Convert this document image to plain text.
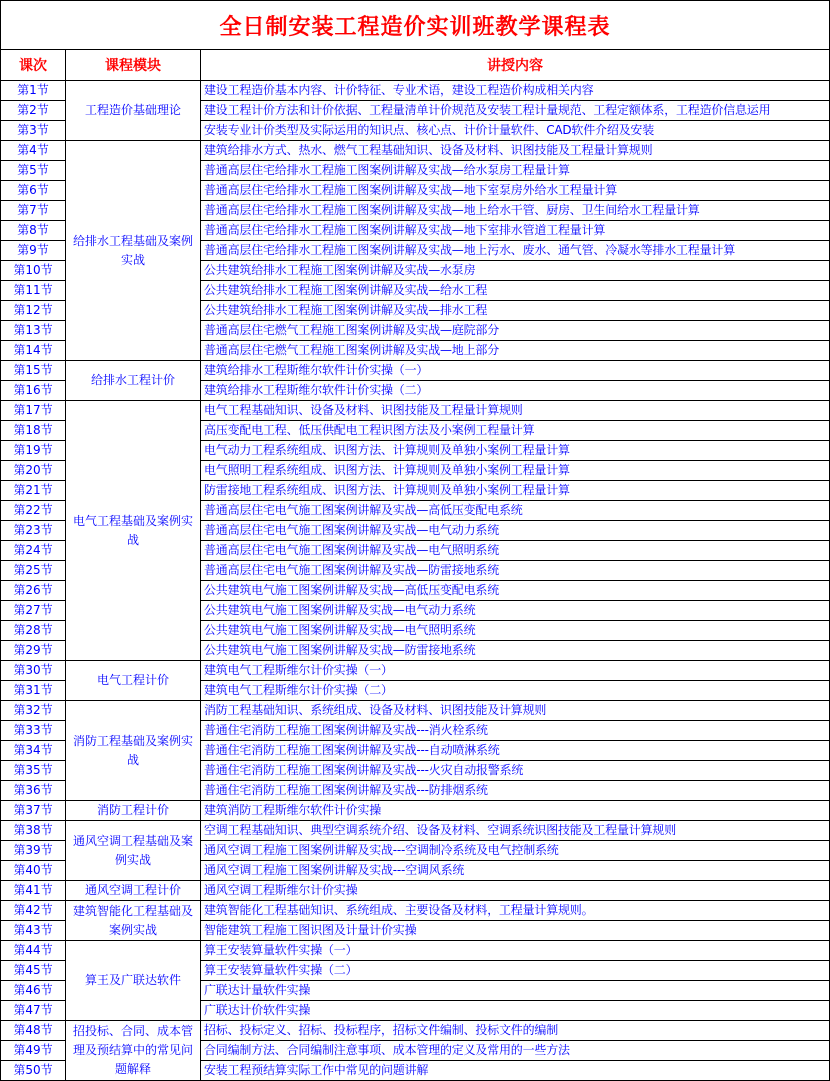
全日制安装工程造价实训班教学课程表		
课次	课程模块	讲授内容
第1节	工程造价基础理论	建设工程造价基本内容、计价特征、专业术语，建设工程造价构成相关内容
第2节		建设工程计价方法和计价依据、工程量清单计价规范及安装工程计量规范、工程定额体系，工程造价信息运用
第3节		安装专业计价类型及实际运用的知识点、核心点、计价计量软件、CAD软件介绍及安装
第4节	给排水工程基础及案例实战	建筑给排水方式、热水、燃气工程基础知识、设备及材料、识图技能及工程量计算规则
第5节		普通高层住宅给排水工程施工图案例讲解及实战—给水泵房工程量计算
第6节		普通高层住宅给排水工程施工图案例讲解及实战—地下室泵房外给水工程量计算
第7节		普通高层住宅给排水工程施工图案例讲解及实战—地上给水干管、厨房、卫生间给水工程量计算
第8节		普通高层住宅给排水工程施工图案例讲解及实战—地下室排水管道工程量计算
第9节		普通高层住宅给排水工程施工图案例讲解及实战—地上污水、废水、通气管、冷凝水等排水工程量计算
第10节		公共建筑给排水工程施工图案例讲解及实战—水泵房
第11节		公共建筑给排水工程施工图案例讲解及实战—给水工程
第12节		公共建筑给排水工程施工图案例讲解及实战—排水工程
第13节		普通高层住宅燃气工程施工图案例讲解及实战—庭院部分
第14节		普通高层住宅燃气工程施工图案例讲解及实战—地上部分
第15节	给排水工程计价	建筑给排水工程斯维尔软件计价实操（一）
第16节		建筑给排水工程斯维尔软件计价实操（二）
第17节	电气工程基础及案例实战	电气工程基础知识、设备及材料、识图技能及工程量计算规则
第18节		高压变配电工程、低压供配电工程识图方法及小案例工程量计算
第19节		电气动力工程系统组成、识图方法、计算规则及单独小案例工程量计算
第20节		电气照明工程系统组成、识图方法、计算规则及单独小案例工程量计算
第21节		防雷接地工程系统组成、识图方法、计算规则及单独小案例工程量计算
第22节		普通高层住宅电气施工图案例讲解及实战—高低压变配电系统
第23节		普通高层住宅电气施工图案例讲解及实战—电气动力系统
第24节		普通高层住宅电气施工图案例讲解及实战—电气照明系统
第25节		普通高层住宅电气施工图案例讲解及实战—防雷接地系统
第26节		公共建筑电气施工图案例讲解及实战—高低压变配电系统
第27节		公共建筑电气施工图案例讲解及实战—电气动力系统
第28节		公共建筑电气施工图案例讲解及实战—电气照明系统
第29节		公共建筑电气施工图案例讲解及实战—防雷接地系统
第30节	电气工程计价	建筑电气工程斯维尔计价实操（一）
第31节		建筑电气工程斯维尔计价实操（二）
第32节	消防工程基础及案例实战	消防工程基础知识、系统组成、设备及材料、识图技能及计算规则
第33节		普通住宅消防工程施工图案例讲解及实战---消火栓系统
第34节		普通住宅消防工程施工图案例讲解及实战---自动喷淋系统
第35节		普通住宅消防工程施工图案例讲解及实战---火灾自动报警系统
第36节		普通住宅消防工程施工图案例讲解及实战---防排烟系统
第37节	消防工程计价	建筑消防工程斯维尔软件计价实操
第38节	通风空调工程基础及案例实战	空调工程基础知识、典型空调系统介绍、设备及材料、空调系统识图技能及工程量计算规则
第39节		通风空调工程施工图案例讲解及实战---空调制冷系统及电气控制系统
第40节		通风空调工程施工图案例讲解及实战---空调风系统
第41节	通风空调工程计价	通风空调工程斯维尔计价实操
第42节	建筑智能化工程基础及案例实战	建筑智能化工程基础知识、系统组成、主要设备及材料，工程量计算规则。
第43节		智能建筑工程施工图识图及计量计价实操
第44节	算王及广联达软件	算王安装算量软件实操（一）
第45节		算王安装算量软件实操（二）
第46节		广联达计量软件实操
第47节		广联达计价软件实操
第48节	招投标、合同、成本管理及预结算中的常见问题解释	招标、投标定义、招标、投标程序，招标文件编制、投标文件的编制
第49节		合同编制方法、合同编制注意事项、成本管理的定义及常用的一些方法
第50节		安装工程预结算实际工作中常见的问题讲解
